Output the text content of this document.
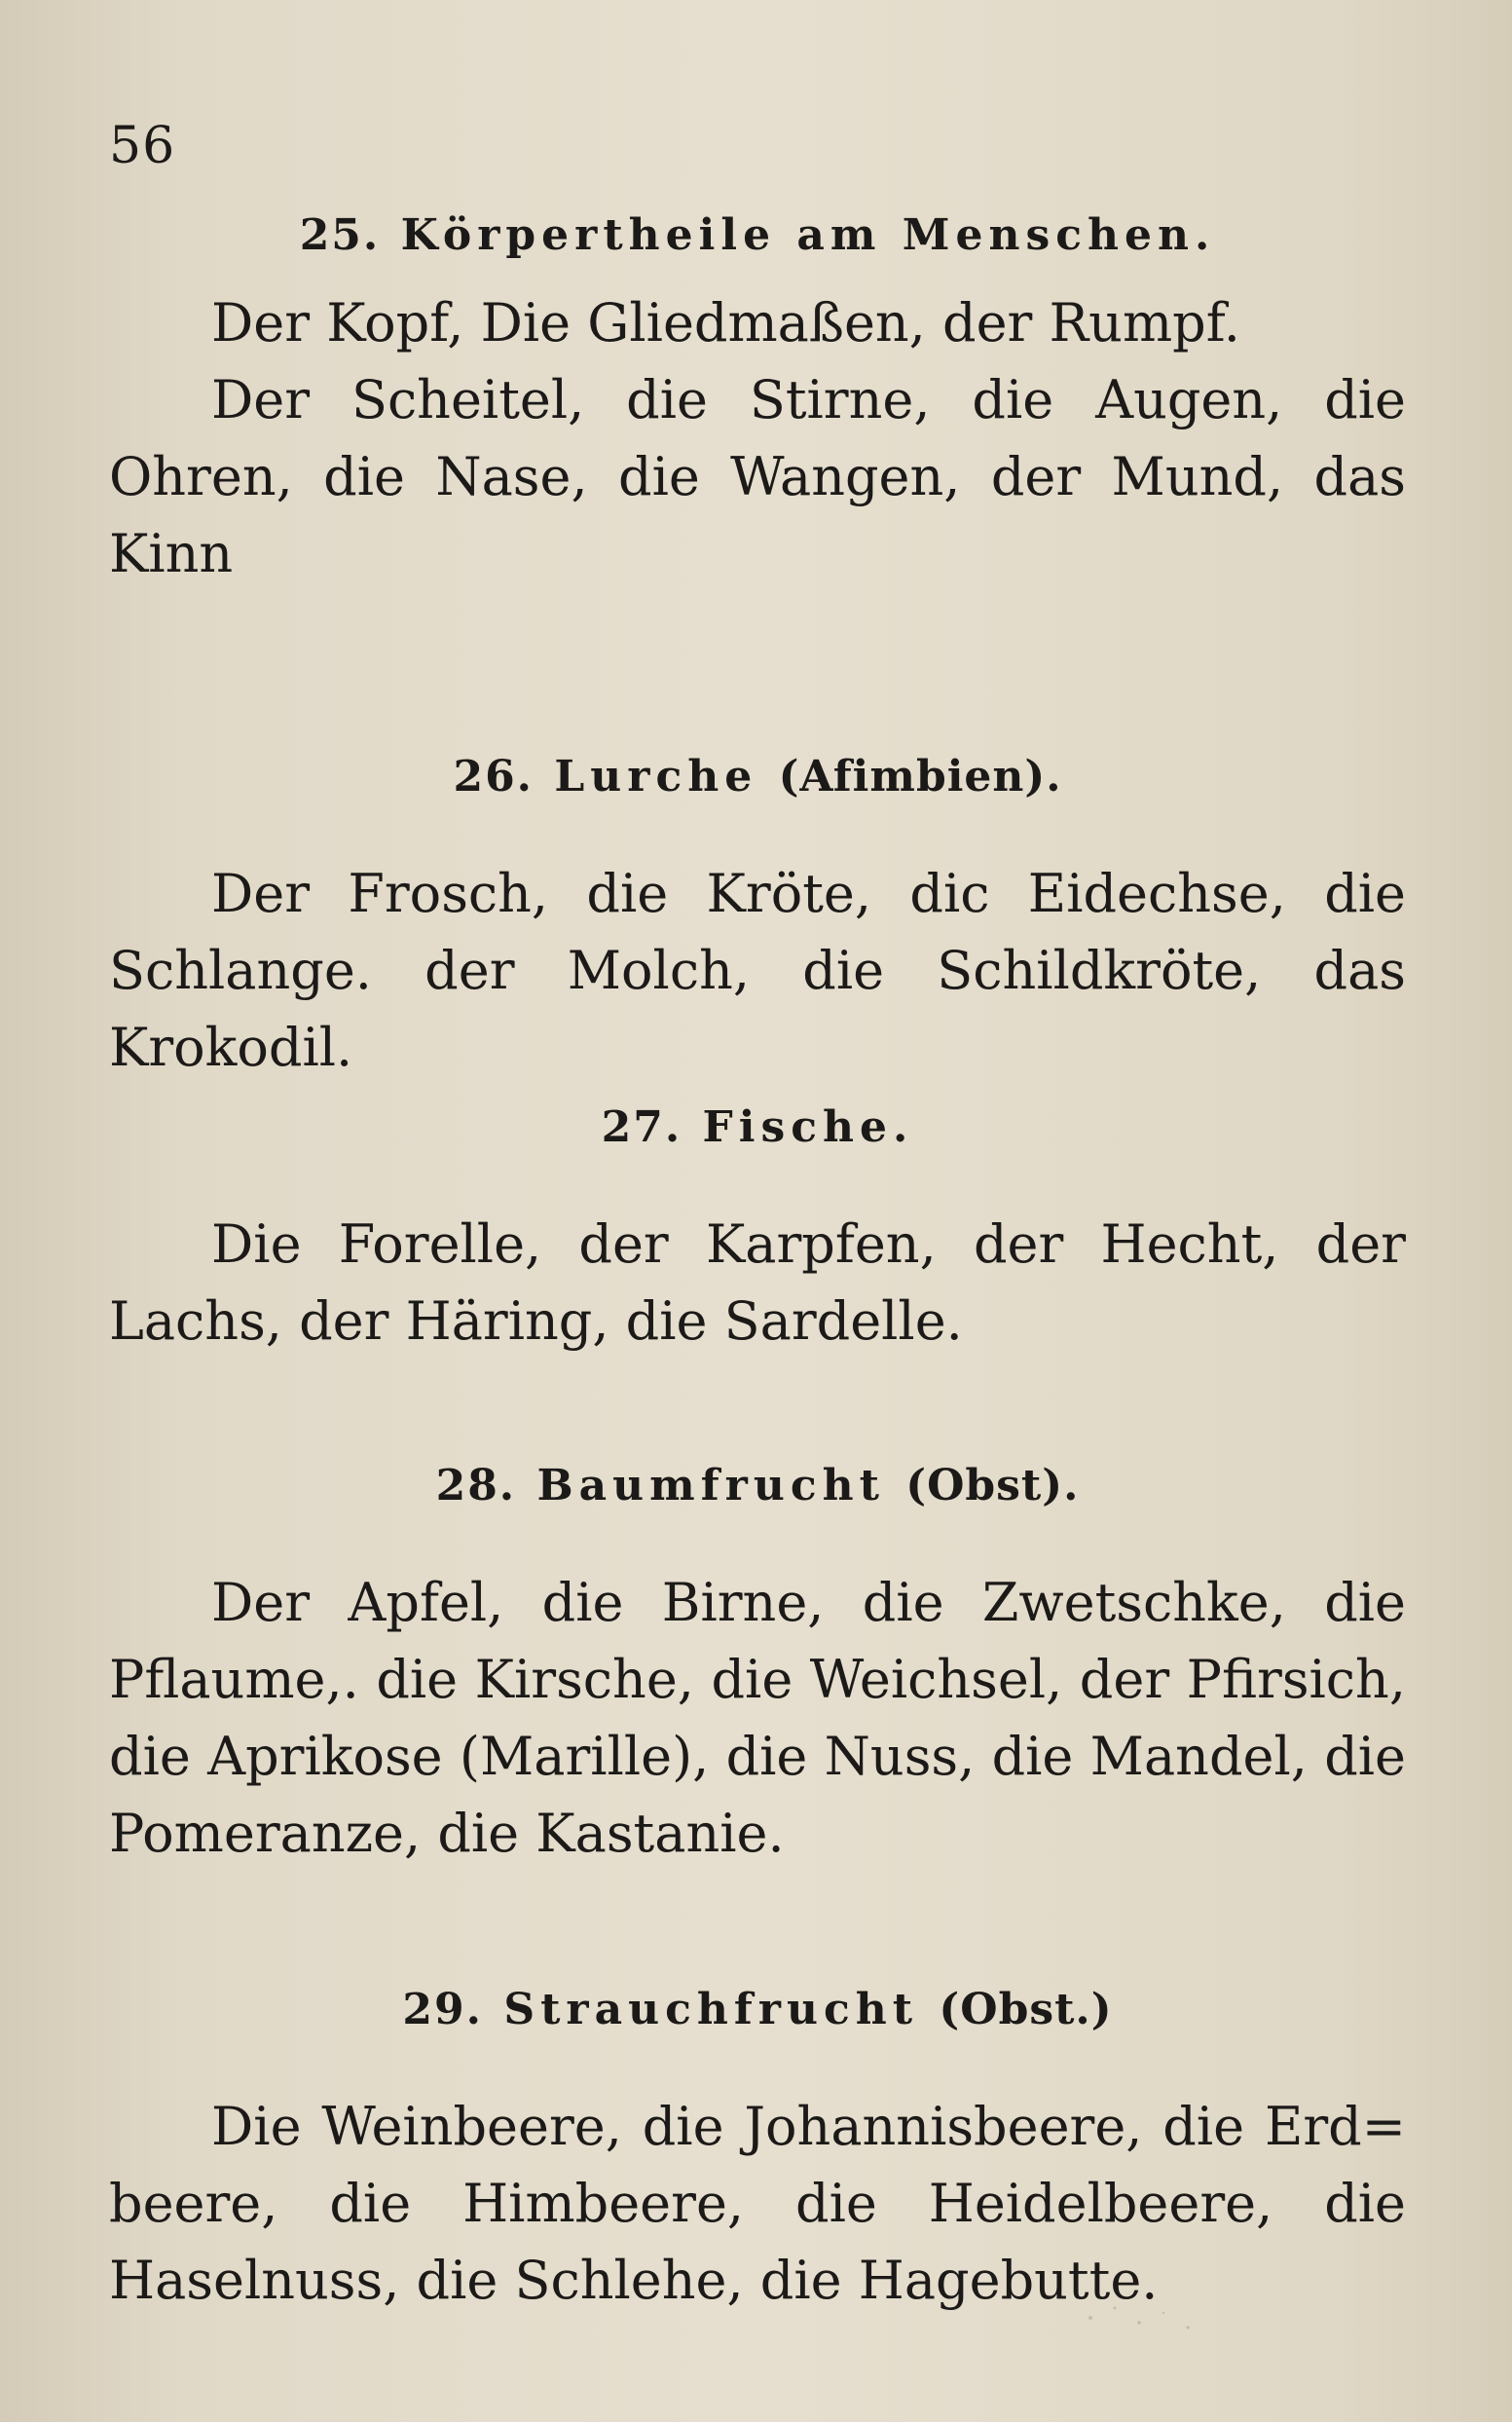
56
25. Körpertheile am Menschen.

Der Kopf, Die Gliedmaßen, der Rumpf.

Der Scheitel, die Stirne, die Augen, die Ohren, die Nase, die Wangen, der Mund, das Kinn

26. Lurche (Afimbien).

Der Frosch, die Kröte, dic Eidechse, die Schlange. der Molch, die Schildkröte, das Krokodil.

27. Fische.

Die Forelle, der Karpfen, der Hecht, der Lachs, der Häring, die Sardelle.

28. Baumfrucht (Obst).

Der Apfel, die Birne, die Zwetschke, die Pflaume,. die Kirsche, die Weichsel, der Pfirsich, die Aprikose (Marille), die Nuss, die Mandel, die Pomeranze, die Kastanie.

29. Strauchfrucht (Obst.)

Die Weinbeere, die Johannisbeere, die Erd= beere, die Himbeere, die Heidelbeere, die Haselnuss, die Schlehe, die Hagebutte.
